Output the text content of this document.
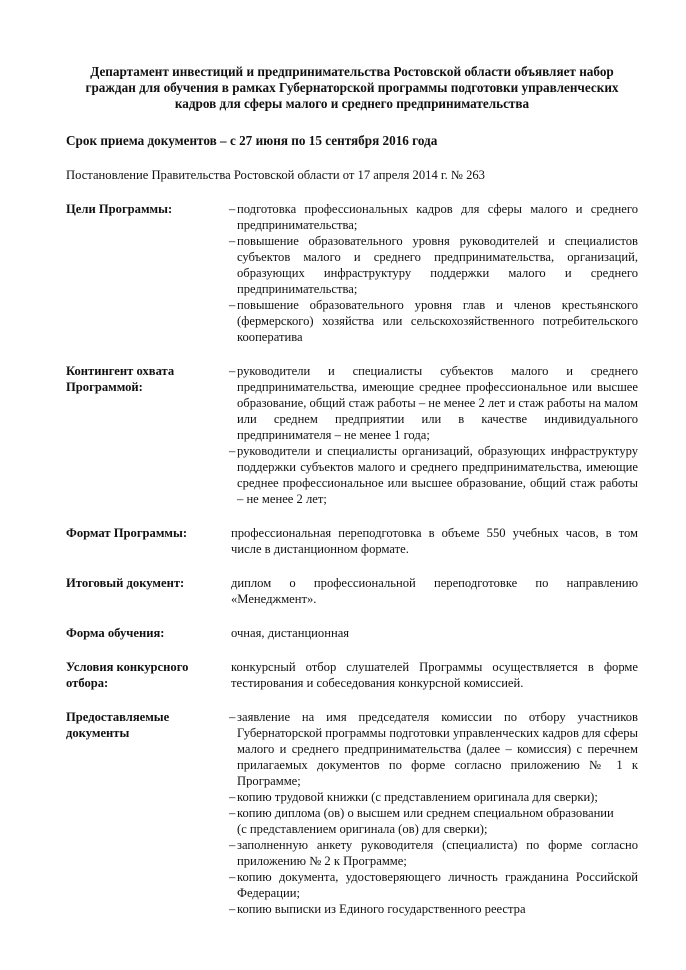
Департамент инвестиций и предпринимательства Ростовской области объявляет набор граждан для обучения в рамках Губернаторской программы подготовки управленческих кадров для сферы малого и среднего предпринимательства

Срок приема документов – с 27 июня по 15 сентября 2016 года

Постановление Правительства Ростовской области от 17 апреля 2014 г. № 263

Цели Программы:	– подготовка профессиональных кадров для сферы малого и среднего предпринимательства;
– повышение образовательного уровня руководителей и специалистов субъектов малого и среднего предпринимательства, организаций, образующих инфраструктуру поддержки малого и среднего предпринимательства;
– повышение образовательного уровня глав и членов крестьянского (фермерского) хозяйства или сельскохозяйственного потребительского кооператива
Контингент охвата Программой:
– руководители и специалисты субъектов малого и среднего предпринимательства, имеющие среднее профессиональное или высшее образование, общий стаж работы – не менее 2 лет и стаж работы на малом или среднем предприятии или в качестве индивидуального предпринимателя – не менее 1 года;
– руководители и специалисты организаций, образующих инфраструктуру поддержки субъектов малого и среднего предпринимательства, имеющие среднее профессиональное или высшее образование, общий стаж работы – не менее 2 лет;
Формат Программы:	профессиональная переподготовка в объеме 550 учебных часов, в том числе в дистанционном формате.

Итоговый документ:	диплом о профессиональной переподготовке по направлению «Менеджмент».

Форма обучения:	очная, дистанционная

Условия конкурсного отбора:

конкурсный отбор слушателей Программы осуществляется в форме тестирования и собеседования конкурсной комиссией.

Предоставляемые документы
– заявление на имя председателя комиссии по отбору участников Губернаторской программы подготовки управленческих кадров для сферы малого и среднего предпринимательства (далее – комиссия) с перечнем прилагаемых документов по форме согласно приложению № 1 к Программе;
– копию трудовой книжки (с представлением оригинала для сверки);
– копию диплома (ов) о высшем или среднем специальном образовании
(с представлением оригинала (ов) для сверки);
– заполненную анкету руководителя (специалиста) по форме согласно приложению № 2 к Программе;
– копию документа, удостоверяющего личность гражданина Российской Федерации;
– копию выписки из Единого государственного реестра
